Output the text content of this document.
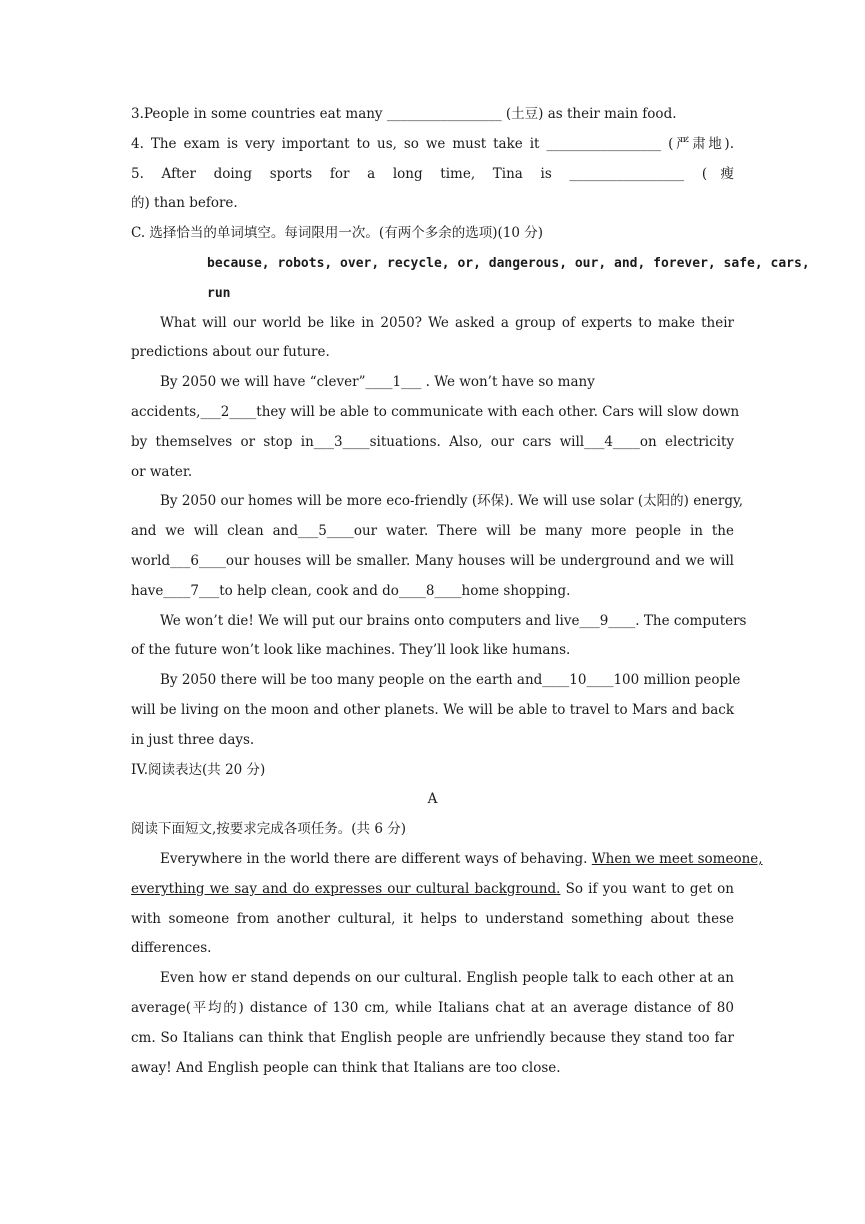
3.People in some countries eat many _________________ (土豆) as their main food.
4. The exam is very important to us, so we must take it _________________ (严肃地).
5. After doing sports for a long time, Tina is _________________ (瘦
的) than before.
C. 选择恰当的单词填空。每词限用一次。(有两个多余的选项)(10 分)
because, robots, over, recycle, or, dangerous, our, and, forever, safe, cars,
run
What will our world be like in 2050? We asked a group of experts to make their
predictions about our future.
By 2050 we will have “clever”____1___ . We won’t have so many
accidents,___2____they will be able to communicate with each other. Cars will slow down
by themselves or stop in___3____situations. Also, our cars will___4____on electricity
or water.
By 2050 our homes will be more eco-friendly (环保). We will use solar (太阳的) energy,
and we will clean and___5____our water. There will be many more people in the
world___6____our houses will be smaller. Many houses will be underground and we will
have____7___to help clean, cook and do____8____home shopping.
We won’t die! We will put our brains onto computers and live___9____. The computers
of the future won’t look like machines. They’ll look like humans.
By 2050 there will be too many people on the earth and____10____100 million people
will be living on the moon and other planets. We will be able to travel to Mars and back
in just three days.
IV.阅读表达(共 20 分)
A
阅读下面短文,按要求完成各项任务。(共 6 分)
Everywhere in the world there are different ways of behaving. When we meet someone,
everything we say and do expresses our cultural background. So if you want to get on
with someone from another cultural, it helps to understand something about these
differences.
Even how er stand depends on our cultural. English people talk to each other at an
average(平均的) distance of 130 cm, while Italians chat at an average distance of 80
cm. So Italians can think that English people are unfriendly because they stand too far
away! And English people can think that Italians are too close.
